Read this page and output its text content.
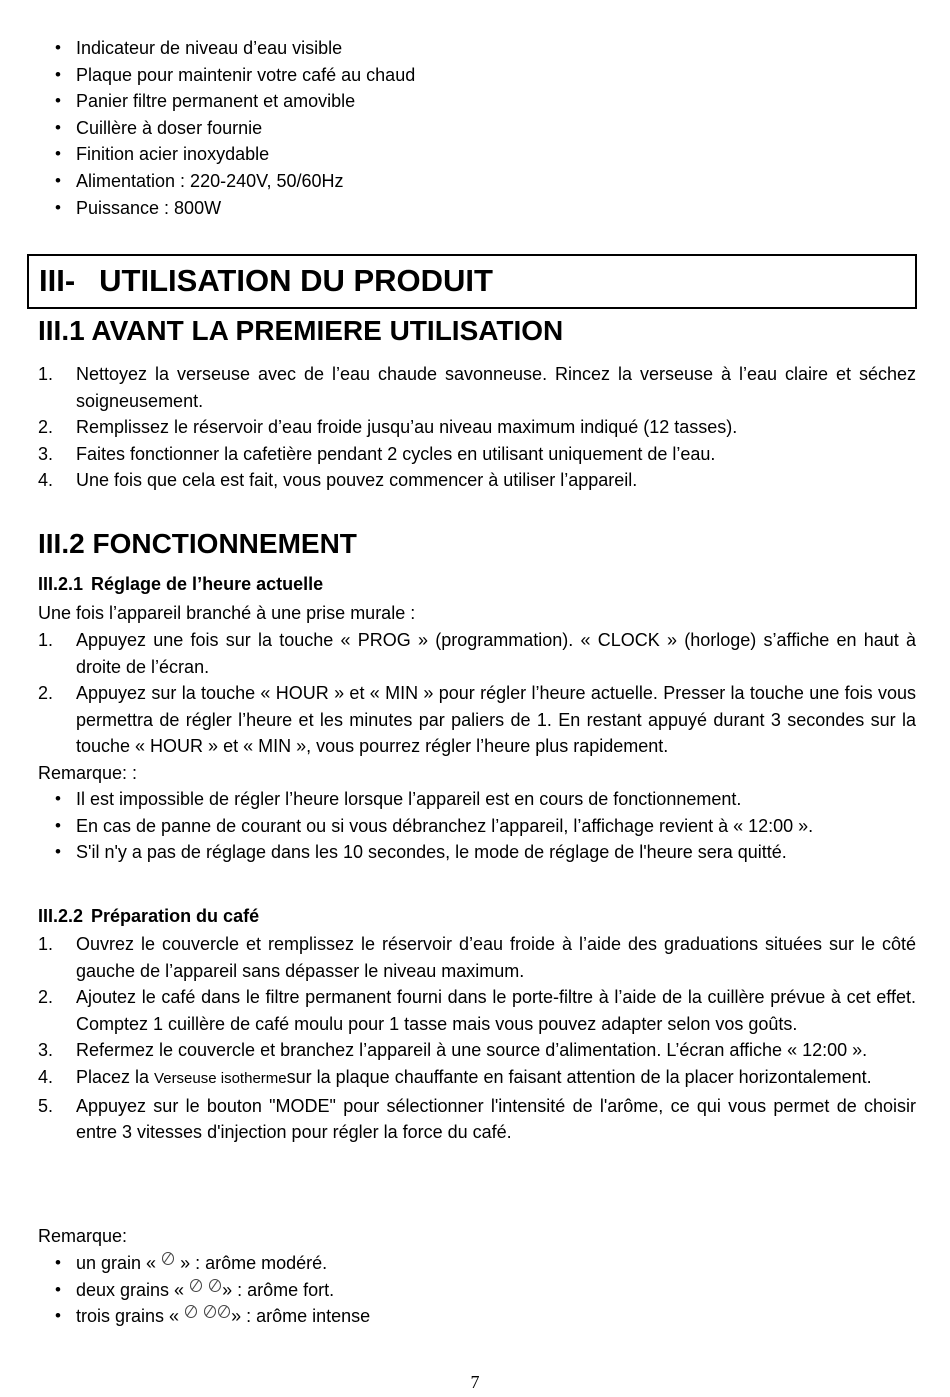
• Indicateur de niveau d’eau visible
• Plaque pour maintenir votre café au chaud
• Panier filtre permanent et amovible
• Cuillère à doser fournie
• Finition acier inoxydable
• Alimentation : 220-240V, 50/60Hz
• Puissance : 800W
III- UTILISATION DU PRODUIT
III.1 AVANT LA PREMIERE UTILISATION
1.	Nettoyez la verseuse avec de l’eau chaude savonneuse. Rincez la verseuse à l’eau claire et séchez soigneusement.
2.	Remplissez le réservoir d’eau froide jusqu’au niveau maximum indiqué (12 tasses).
3.	Faites fonctionner la cafetière pendant 2 cycles en utilisant uniquement de l’eau.
4.	Une fois que cela est fait, vous pouvez commencer à utiliser l’appareil.
III.2 FONCTIONNEMENT
III.2.1 Réglage de l’heure actuelle
Une fois l’appareil branché à une prise murale :
1.	Appuyez une fois sur la touche « PROG » (programmation). « CLOCK » (horloge) s’affiche en haut à droite de l’écran.
2.	Appuyez sur la touche « HOUR » et « MIN » pour régler l’heure actuelle. Presser la touche une fois vous permettra de régler l’heure et les minutes par paliers de 1. En restant appuyé durant 3 secondes sur la touche « HOUR » et « MIN », vous pourrez régler l’heure plus rapidement.
Remarque: :
• Il est impossible de régler l’heure lorsque l’appareil est en cours de fonctionnement.
• En cas de panne de courant ou si vous débranchez l’appareil, l’affichage revient à « 12:00 ».
• S'il n'y a pas de réglage dans les 10 secondes, le mode de réglage de l'heure sera quitté.
III.2.2 Préparation du café
1.	Ouvrez le couvercle et remplissez le réservoir d’eau froide à l’aide des graduations situées sur le côté gauche de l’appareil sans dépasser le niveau maximum.
2.	Ajoutez le café dans le filtre permanent fourni dans le porte-filtre à l’aide de la cuillère prévue à cet effet. Comptez 1 cuillère de café moulu pour 1 tasse mais vous pouvez adapter selon vos goûts.
3.	Refermez le couvercle et branchez l’appareil à une source d’alimentation. L’écran affiche « 12:00 ».
4.	Placez la Verseuse isothermesur la plaque chauffante en faisant attention de la placer horizontalement.
5.	Appuyez sur le bouton "MODE" pour sélectionner l'intensité de l'arôme, ce qui vous permet de choisir entre 3 vitesses d'injection pour régler la force du café.
Remarque:
• un grain « » : arôme modéré.
• deux grains « » : arôme fort.
• trois grains «	» : arôme intense
7
